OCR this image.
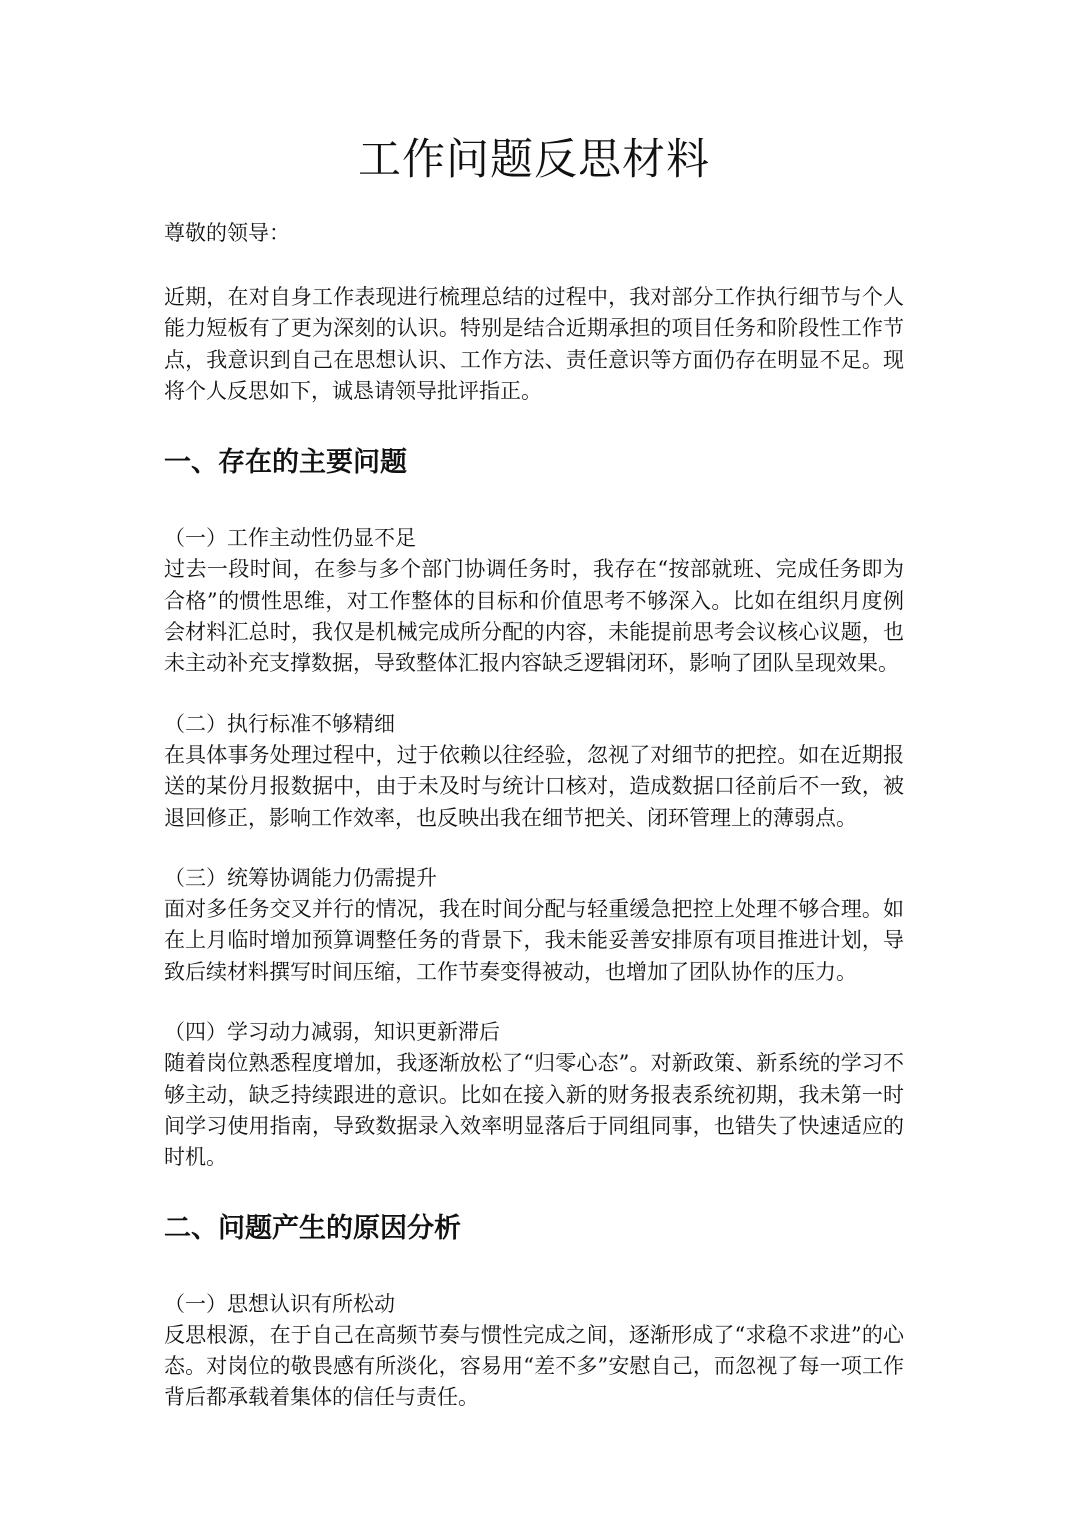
工作问题反思材料

尊敬的领导：

近期，在对自身工作表现进行梳理总结的过程中，我对部分工作执行细节与个人能力短板有了更为深刻的认识。特别是结合近期承担的项目任务和阶段性工作节点，我意识到自己在思想认识、工作方法、责任意识等方面仍存在明显不足。现将个人反思如下，诚恳请领导批评指正。

一、存在的主要问题

（一）工作主动性仍显不足

过去一段时间，在参与多个部门协调任务时，我存在“按部就班、完成任务即为合格”的惯性思维，对工作整体的目标和价值思考不够深入。比如在组织月度例会材料汇总时，我仅是机械完成所分配的内容，未能提前思考会议核心议题，也未主动补充支撑数据，导致整体汇报内容缺乏逻辑闭环，影响了团队呈现效果。

（二）执行标准不够精细

在具体事务处理过程中，过于依赖以往经验，忽视了对细节的把控。如在近期报送的某份月报数据中，由于未及时与统计口核对，造成数据口径前后不一致，被退回修正，影响工作效率，也反映出我在细节把关、闭环管理上的薄弱点。

（三）统筹协调能力仍需提升

面对多任务交叉并行的情况，我在时间分配与轻重缓急把控上处理不够合理。如在上月临时增加预算调整任务的背景下，我未能妥善安排原有项目推进计划，导致后续材料撰写时间压缩，工作节奏变得被动，也增加了团队协作的压力。

（四）学习动力减弱，知识更新滞后

随着岗位熟悉程度增加，我逐渐放松了“归零心态”。对新政策、新系统的学习不够主动，缺乏持续跟进的意识。比如在接入新的财务报表系统初期，我未第一时间学习使用指南，导致数据录入效率明显落后于同组同事，也错失了快速适应的时机。

二、问题产生的原因分析

（一）思想认识有所松动

反思根源，在于自己在高频节奏与惯性完成之间，逐渐形成了“求稳不求进”的心态。对岗位的敬畏感有所淡化，容易用“差不多”安慰自己，而忽视了每一项工作背后都承载着集体的信任与责任。
